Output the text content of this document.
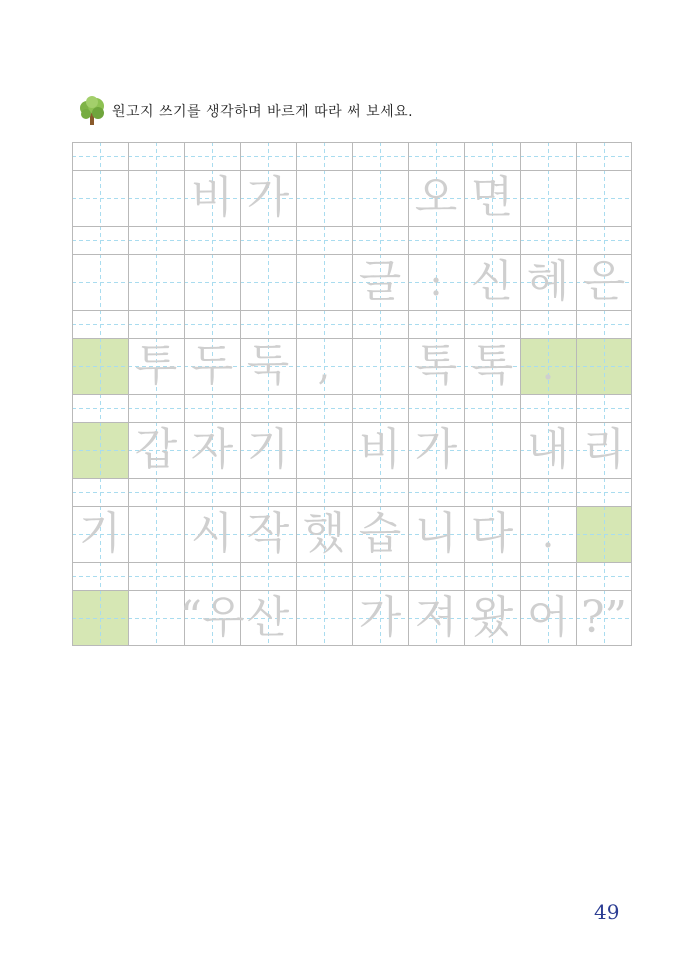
원고지 쓰기를 생각하며 바르게 따라 써 보세요.
비 가	오 면
글 : 신 혜 은
투 두 둑 ,	톡 톡 .
갑 자 기 비 가 내 리
기 시 작 했 습 니 다 .
“우 산 가 져 왔 어 ?”
49
